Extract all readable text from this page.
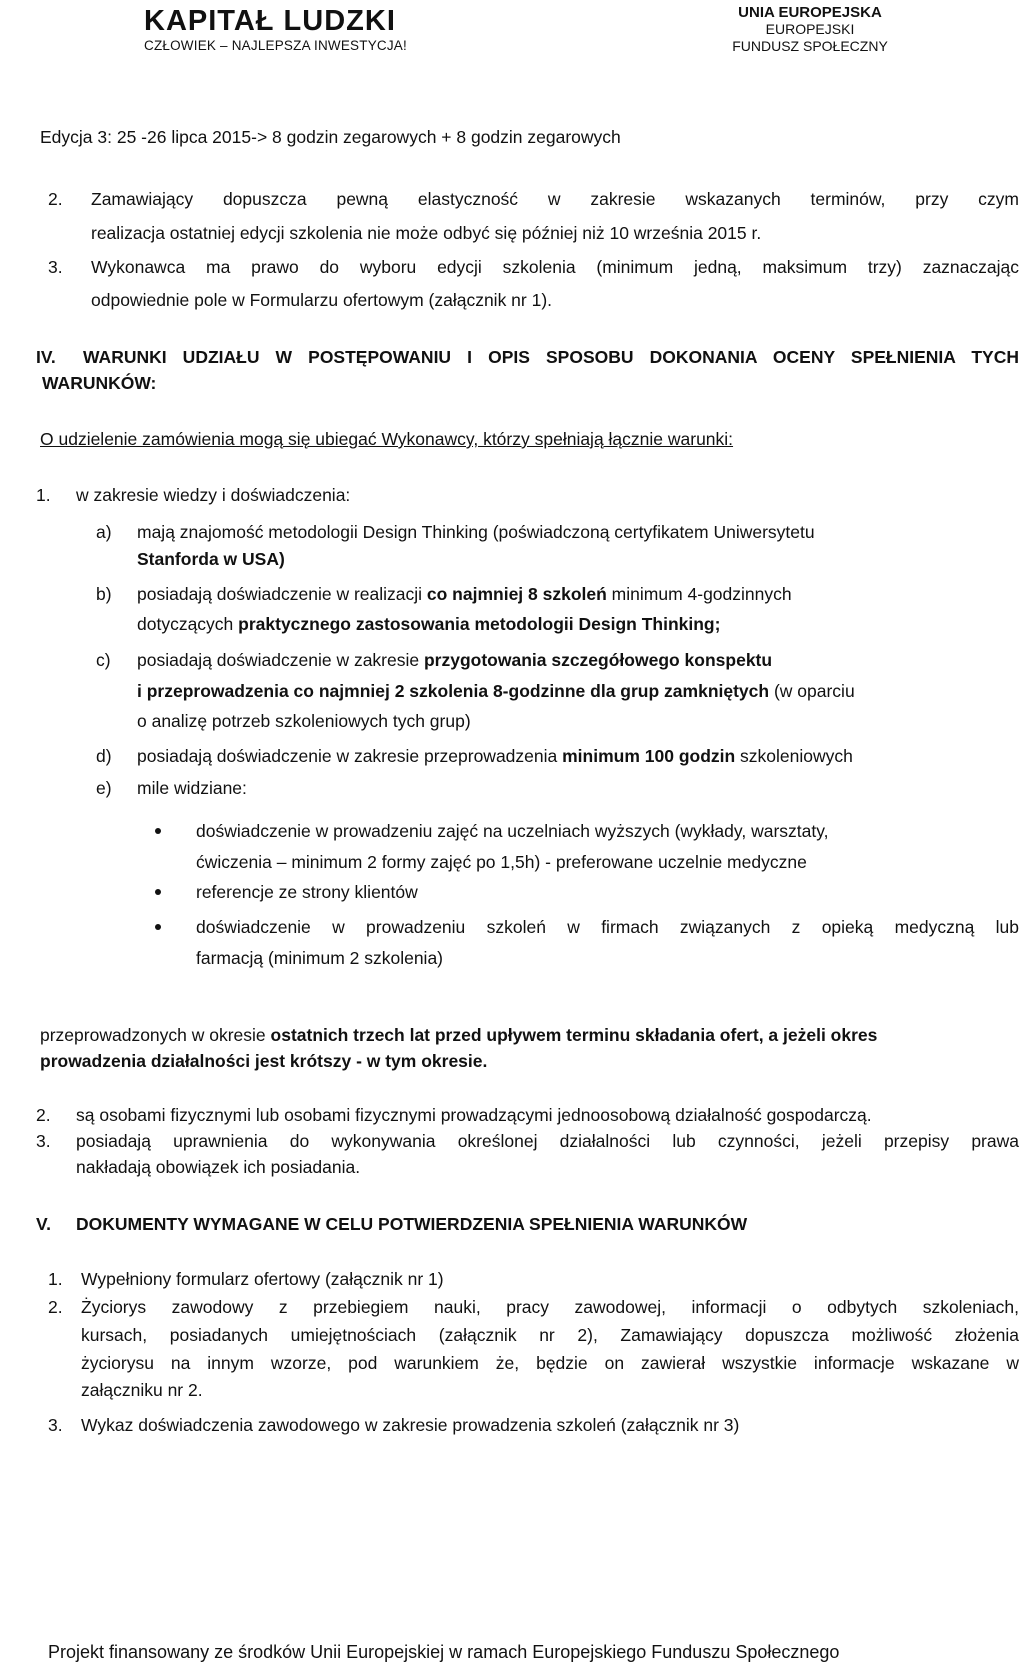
KAPITAŁ LUDZKI
CZŁOWIEK – NAJLEPSZA INWESTYCJA!
UNIA EUROPEJSKA
EUROPEJSKI
FUNDUSZ SPOŁECZNY
Edycja 3: 25 -26 lipca 2015-> 8 godzin zegarowych + 8 godzin zegarowych
2. Zamawiający dopuszcza pewną elastyczność w zakresie wskazanych terminów, przy czym
realizacja ostatniej edycji szkolenia nie może odbyć się później niż 10 września 2015 r.
3. Wykonawca ma prawo do wyboru edycji szkolenia (minimum jedną, maksimum trzy) zaznaczając
odpowiednie pole w Formularzu ofertowym (załącznik nr 1).
IV. WARUNKI UDZIAŁU W POSTĘPOWANIU I OPIS SPOSOBU DOKONANIA OCENY SPEŁNIENIA TYCH
WARUNKÓW:
O udzielenie zamówienia mogą się ubiegać Wykonawcy, którzy spełniają łącznie warunki:
1. w zakresie wiedzy i doświadczenia:
a) mają znajomość metodologii Design Thinking (poświadczoną certyfikatem Uniwersytetu
Stanforda w USA)
b) posiadają doświadczenie w realizacji co najmniej 8 szkoleń minimum 4-godzinnych
dotyczących praktycznego zastosowania metodologii Design Thinking;
c) posiadają doświadczenie w zakresie przygotowania szczegółowego konspektu
i przeprowadzenia co najmniej 2 szkolenia 8-godzinne dla grup zamkniętych (w oparciu
o analizę potrzeb szkoleniowych tych grup)
d) posiadają doświadczenie w zakresie przeprowadzenia minimum 100 godzin szkoleniowych
e) mile widziane:
doświadczenie w prowadzeniu zajęć na uczelniach wyższych (wykłady, warsztaty,
ćwiczenia – minimum 2 formy zajęć po 1,5h) - preferowane uczelnie medyczne
referencje ze strony klientów
doświadczenie w prowadzeniu szkoleń w firmach związanych z opieką medyczną lub
farmacją (minimum 2 szkolenia)
przeprowadzonych w okresie ostatnich trzech lat przed upływem terminu składania ofert, a jeżeli okres
prowadzenia działalności jest krótszy - w tym okresie.
2. są osobami fizycznymi lub osobami fizycznymi prowadzącymi jednoosobową działalność gospodarczą.
3. posiadają uprawnienia do wykonywania określonej działalności lub czynności, jeżeli przepisy prawa
nakładają obowiązek ich posiadania.
V. DOKUMENTY WYMAGANE W CELU POTWIERDZENIA SPEŁNIENIA WARUNKÓW
1. Wypełniony formularz ofertowy (załącznik nr 1)
2. Życiorys zawodowy z przebiegiem nauki, pracy zawodowej, informacji o odbytych szkoleniach,
kursach, posiadanych umiejętnościach (załącznik nr 2), Zamawiający dopuszcza możliwość złożenia
życiorysu na innym wzorze, pod warunkiem że, będzie on zawierał wszystkie informacje wskazane w
załączniku nr 2.
3. Wykaz doświadczenia zawodowego w zakresie prowadzenia szkoleń (załącznik nr 3)
Projekt finansowany ze środków Unii Europejskiej w ramach Europejskiego Funduszu Społecznego
